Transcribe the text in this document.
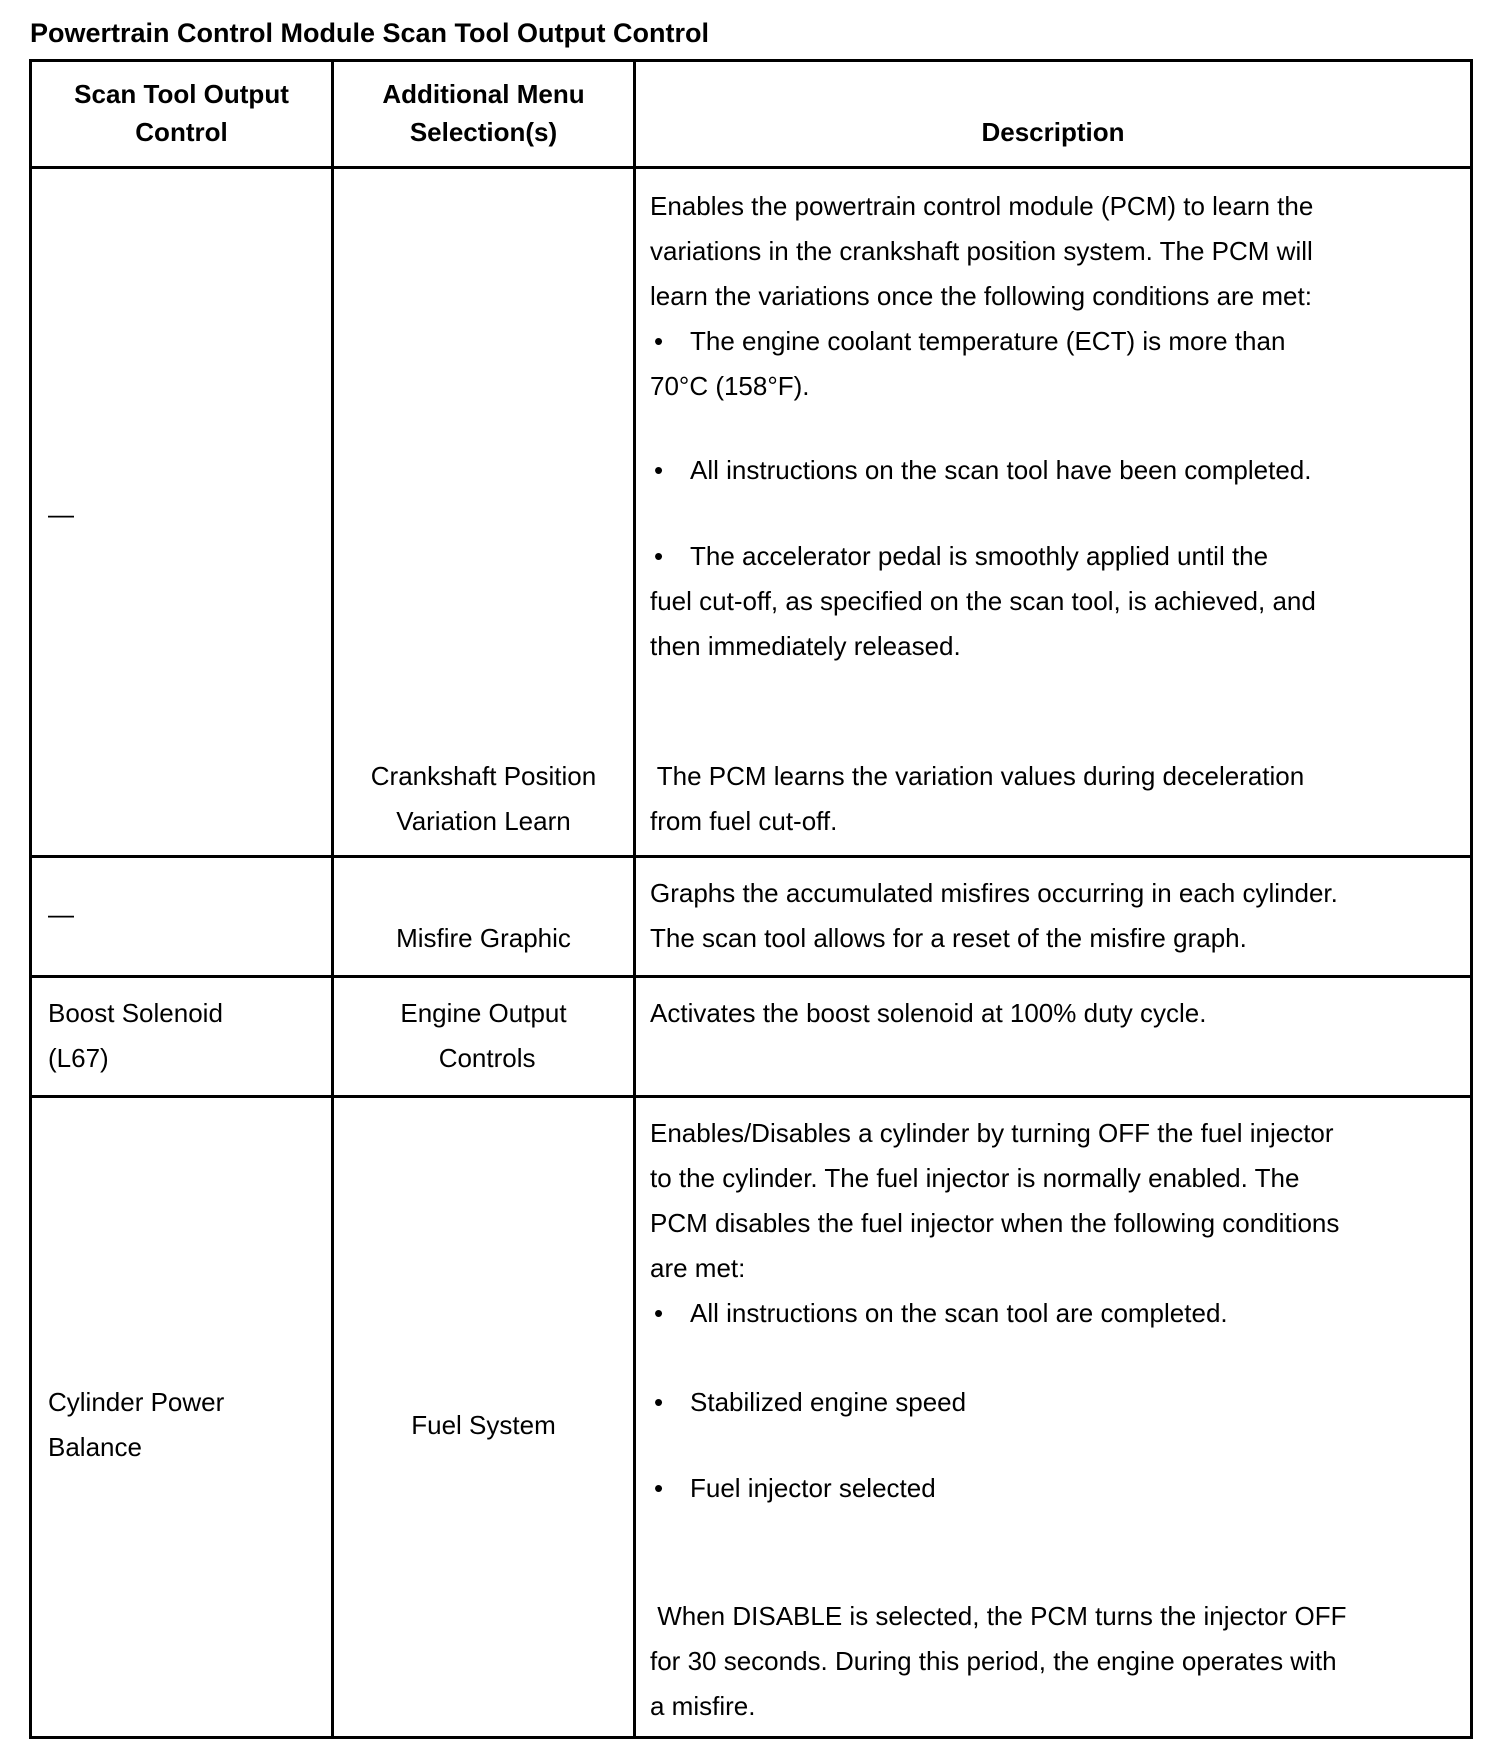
Powertrain Control Module Scan Tool Output Control
Scan Tool Output
Control
Additional Menu
Selection(s)	Description
—

Crankshaft Position

Variation Learn

Enables the powertrain control module (PCM) to learn the

variations in the crankshaft position system. The PCM will

learn the variations once the following conditions are met:

• The engine coolant temperature (ECT) is more than

70°C (158°F).

• All instructions on the scan tool have been completed.

• The accelerator pedal is smoothly applied until the

fuel cut-off, as specified on the scan tool, is achieved, and

then immediately released.

The PCM learns the variation values during deceleration

from fuel cut-off.

—

Misfire Graphic

Graphs the accumulated misfires occurring in each cylinder.

The scan tool allows for a reset of the misfire graph.

Boost Solenoid

(L67)

Engine Output

Controls

Activates the boost solenoid at 100% duty cycle.

Cylinder Power

Balance

Fuel System

Enables/Disables a cylinder by turning OFF the fuel injector

to the cylinder. The fuel injector is normally enabled. The

PCM disables the fuel injector when the following conditions

are met:

• All instructions on the scan tool are completed.

• Stabilized engine speed

• Fuel injector selected

When DISABLE is selected, the PCM turns the injector OFF

for 30 seconds. During this period, the engine operates with

a misfire.
